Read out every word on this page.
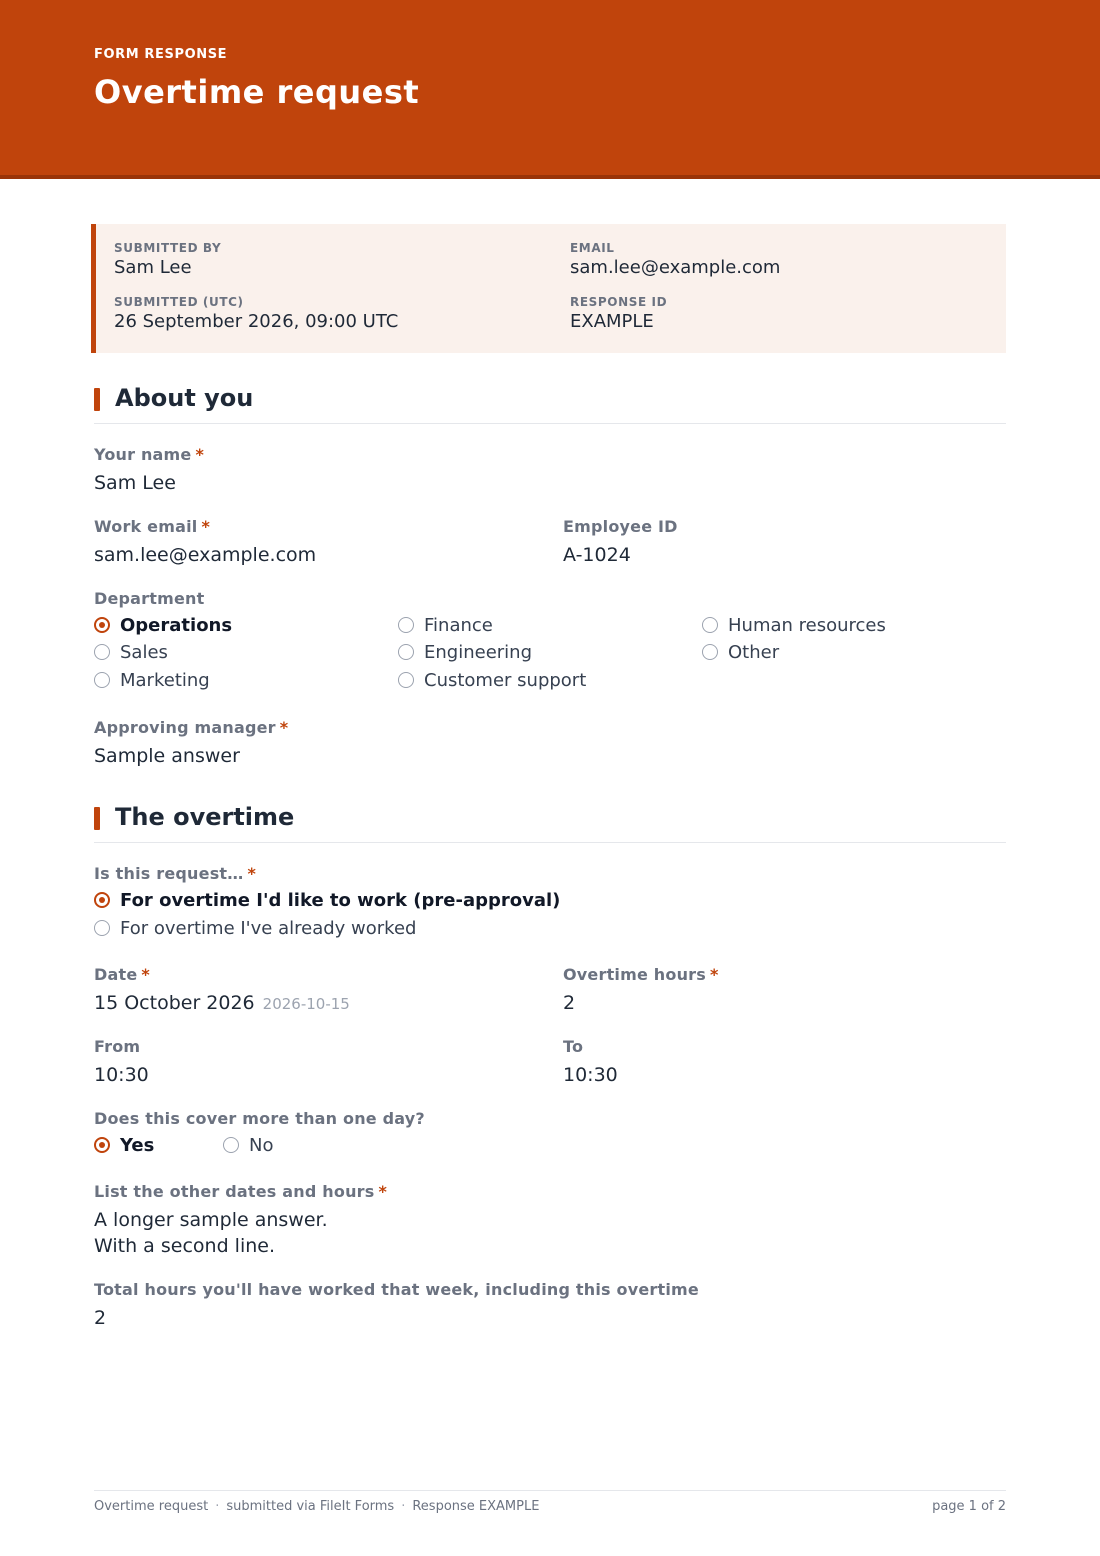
FORM RESPONSE
Overtime request
SUBMITTED BY
Sam Lee
EMAIL
sam.lee@example.com
SUBMITTED (UTC)
26 September 2026, 09:00 UTC
RESPONSE ID
EXAMPLE
About you
Your name *
Sam Lee
Work email *
sam.lee@example.com
Employee ID
A-1024
Department
Operations
Sales
Marketing
Finance
Engineering
Customer support
Human resources
Other
Approving manager *
Sample answer
The overtime
Is this request… *
For overtime I'd like to work (pre-approval)
For overtime I've already worked
Date *
15 October 2026 2026-10-15
Overtime hours *
2
From
10:30
To
10:30
Does this cover more than one day?
Yes	No
List the other dates and hours *
A longer sample answer.
With a second line.
Total hours you'll have worked that week, including this overtime
2
Overtime request · submitted via FileIt Forms · Response EXAMPLE	page 1 of 2
